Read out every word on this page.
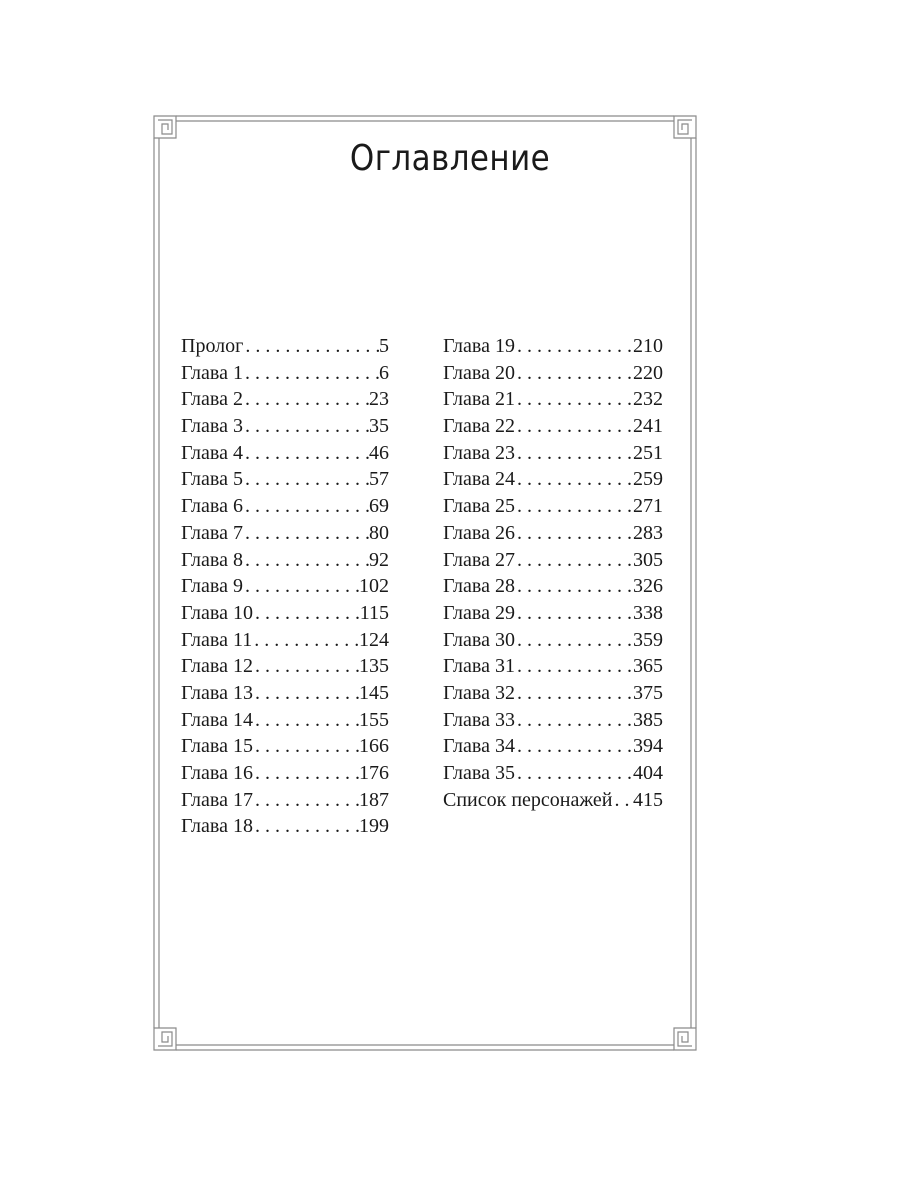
Оглавление
Пролог . . .	5
Глава 1 . . .	6
Глава 2 . . .	23
Глава 3 . . .	35
Глава 4 . . .	46
Глава 5 . . .	57
Глава 6 . . .	69
Глава 7 . . .	80
Глава 8 . . .	92
Глава 9 . . .	102
Глава 10 . . .	115
Глава 11 . . .	124
Глава 12 . . .	135
Глава 13 . . .	145
Глава 14 . . .	155
Глава 15 . . .	166
Глава 16 . . .	176
Глава 17 . . .	187
Глава 18 . . .	199
Глава 19 . . .	210
Глава 20 . . .	220
Глава 21 . . .	232
Глава 22 . . .	241
Глава 23 . . .	251
Глава 24 . . .	259
Глава 25 . . .	271
Глава 26 . . .	283
Глава 27 . . .	305
Глава 28 . . .	326
Глава 29 . . .	338
Глава 30 . . .	359
Глава 31 . . .	365
Глава 32 . . .	375
Глава 33 . . .	385
Глава 34 . . .	394
Глава 35 . . .	404
Список персонажей . . . 415
